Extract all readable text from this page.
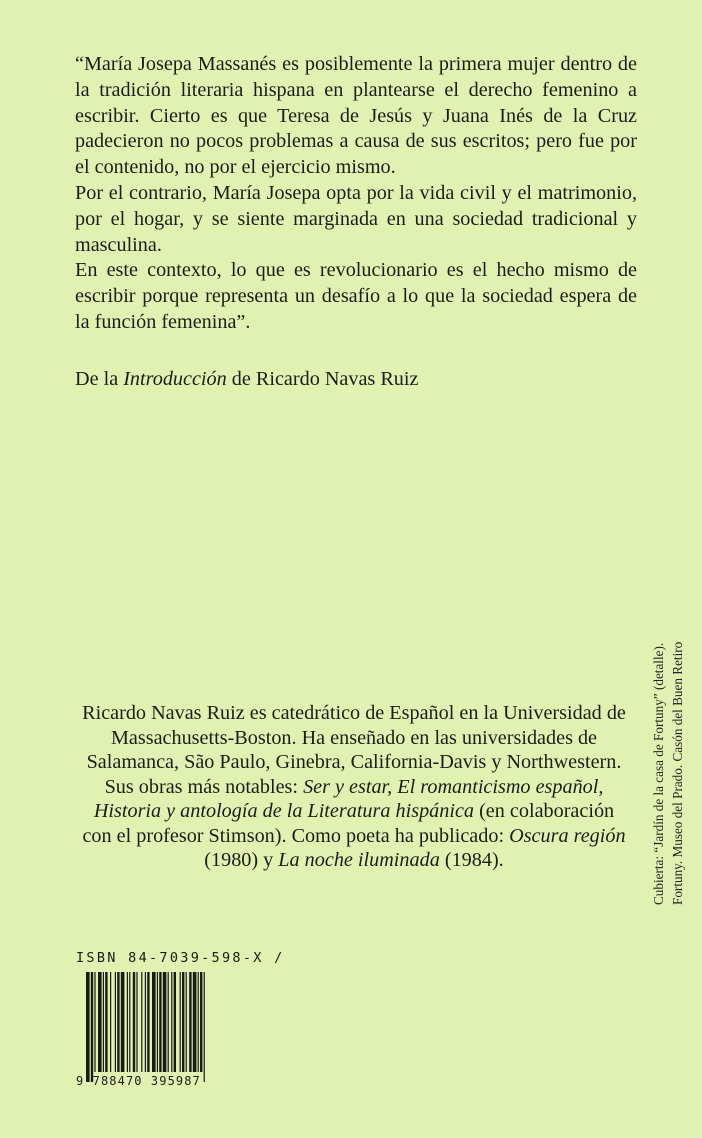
“María Josepa Massanés es posiblemente la primera mujer dentro de la tradición literaria hispana en plantearse el derecho femenino a escribir. Cierto es que Teresa de Jesús y Juana Inés de la Cruz padecieron no pocos problemas a causa de sus escritos; pero fue por el contenido, no por el ejercicio mismo.

Por el contrario, María Josepa opta por la vida civil y el matrimonio, por el hogar, y se siente marginada en una sociedad tradicional y masculina.

En este contexto, lo que es revolucionario es el hecho mismo de escribir porque representa un desafío a lo que la sociedad espera de la función femenina”.

De la Introducción de Ricardo Navas Ruiz

Ricardo Navas Ruiz es catedrático de Español en la Universidad de Massachusetts-Boston. Ha enseñado en las universidades de Salamanca, São Paulo, Ginebra, California-Davis y Northwestern.

Sus obras más notables: Ser y estar, El romanticismo español, Historia y antología de la Literatura hispánica (en colaboración con el profesor Stimson). Como poeta ha publicado: Oscura región (1980) y La noche iluminada (1984).

ISBN 84-7039-598-X /
9 788470 395987
Cubierta: “Jardín de la casa de Fortuny” (detalle). Fortuny. Museo del Prado. Casón del Buen Retiro
